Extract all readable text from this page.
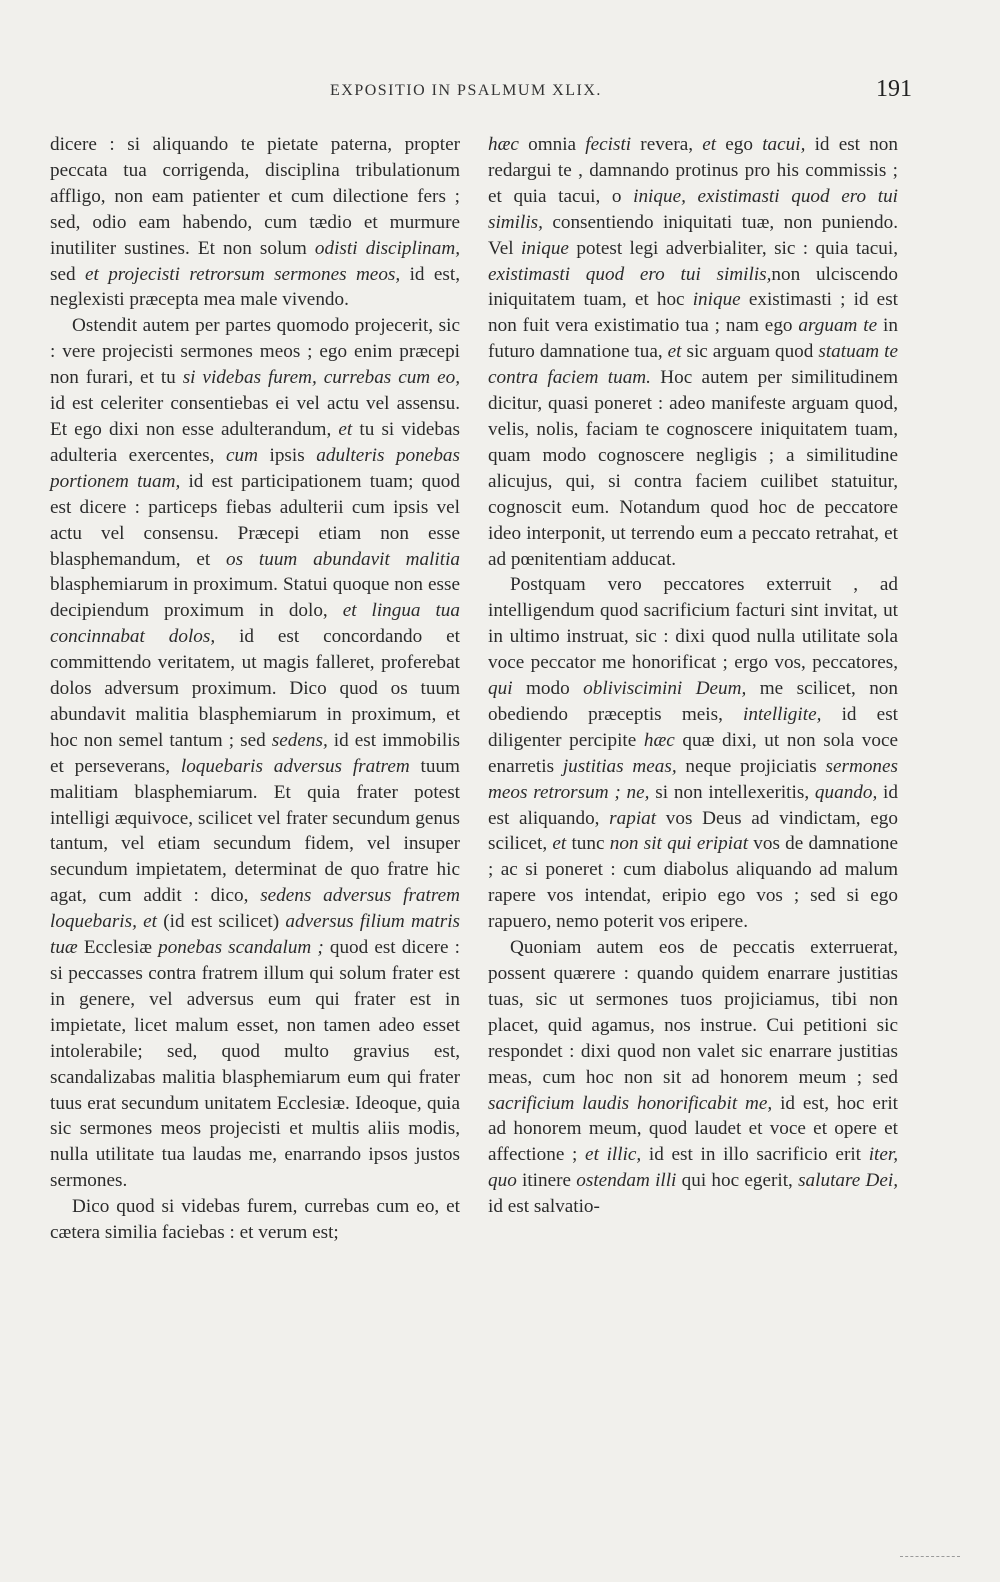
EXPOSITIO IN PSALMUM XLIX.	191

dicere : si aliquando te pietate paterna, propter peccata tua corrigenda, disciplina tribulationum affligo, non eam patienter et cum dilectione fers ; sed, odio eam habendo, cum tædio et murmure inutiliter sustines. Et non solum odisti disciplinam, sed et projecisti retrorsum sermones meos, id est, neglexisti præcepta mea male vivendo.

Ostendit autem per partes quomodo projecerit, sic : vere projecisti sermones meos ; ego enim præcepi non furari, et tu si videbas furem, currebas cum eo, id est celeriter consentiebas ei vel actu vel assensu. Et ego dixi non esse adulterandum, et tu si videbas adulteria exercentes, cum ipsis adulteris ponebas portionem tuam, id est participationem tuam; quod est dicere : particeps fiebas adulterii cum ipsis vel actu vel consensu. Præcepi etiam non esse blasphemandum, et os tuum abundavit malitia blasphemiarum in proximum. Statui quoque non esse decipiendum proximum in dolo, et lingua tua concinnabat dolos, id est concordando et committendo veritatem, ut magis falleret, proferebat dolos adversum proximum. Dico quod os tuum abundavit malitia blasphemiarum in proximum, et hoc non semel tantum ; sed sedens, id est immobilis et perseverans, loquebaris adversus fratrem tuum malitiam blasphemiarum. Et quia frater potest intelligi æquivoce, scilicet vel frater secundum genus tantum, vel etiam secundum fidem, vel insuper secundum impietatem, determinat de quo fratre hic agat, cum addit : dico, sedens adversus fratrem loquebaris, et (id est scilicet) adversus filium matris tuæ Ecclesiæ ponebas scandalum ; quod est dicere : si peccasses contra fratrem illum qui solum frater est in genere, vel adversus eum qui frater est in impietate, licet malum esset, non tamen adeo esset intolerabile; sed, quod multo gravius est, scandalizabas malitia blasphemiarum eum qui frater tuus erat secundum unitatem Ecclesiæ. Ideoque, quia sic sermones meos projecisti et multis aliis modis, nulla utilitate tua laudas me, enarrando ipsos justos sermones.

Dico quod si videbas furem, currebas cum eo, et cætera similia faciebas : et verum est;

hæc omnia fecisti revera, et ego tacui, id est non redargui te , damnando protinus pro his commissis ; et quia tacui, o inique, existimasti quod ero tui similis, consentiendo iniquitati tuæ, non puniendo. Vel inique potest legi adverbialiter, sic : quia tacui, existimasti quod ero tui similis,non ulciscendo iniquitatem tuam, et hoc inique existimasti ; id est non fuit vera existimatio tua ; nam ego arguam te in futuro damnatione tua, et sic arguam quod statuam te contra faciem tuam. Hoc autem per similitudinem dicitur, quasi poneret : adeo manifeste arguam quod, velis, nolis, faciam te cognoscere iniquitatem tuam, quam modo cognoscere negligis ; a similitudine alicujus, qui, si contra faciem cuilibet statuitur, cognoscit eum. Notandum quod hoc de peccatore ideo interponit, ut terrendo eum a peccato retrahat, et ad pœnitentiam adducat.

Postquam vero peccatores exterruit , ad intelligendum quod sacrificium facturi sint invitat, ut in ultimo instruat, sic : dixi quod nulla utilitate sola voce peccator me honorificat ; ergo vos, peccatores, qui modo obliviscimini Deum, me scilicet, non obediendo præceptis meis, intelligite, id est diligenter percipite hæc quæ dixi, ut non sola voce enarretis justitias meas, neque projiciatis sermones meos retrorsum ; ne, si non intellexeritis, quando, id est aliquando, rapiat vos Deus ad vindictam, ego scilicet, et tunc non sit qui eripiat vos de damnatione ; ac si poneret : cum diabolus aliquando ad malum rapere vos intendat, eripio ego vos ; sed si ego rapuero, nemo poterit vos eripere.

Quoniam autem eos de peccatis exterruerat, possent quærere : quando quidem enarrare justitias tuas, sic ut sermones tuos projiciamus, tibi non placet, quid agamus, nos instrue. Cui petitioni sic respondet : dixi quod non valet sic enarrare justitias meas, cum hoc non sit ad honorem meum ; sed sacrificium laudis honorificabit me, id est, hoc erit ad honorem meum, quod laudet et voce et opere et affectione ; et illic, id est in illo sacrificio erit iter, quo itinere ostendam illi qui hoc egerit, salutare Dei, id est salvatio-
